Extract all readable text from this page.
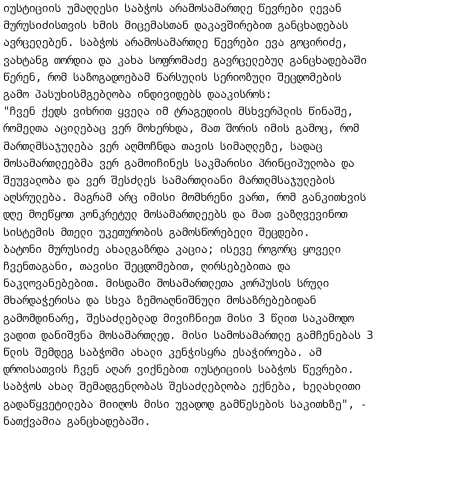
იუსტიციის უმაღლესი საბჭოს არამოსამართლე წევრები ლევან
მურუსიძისთვის ხმის მიცემასთან დაკავშირებით განცხადებას
ავრცელებენ. საბჭოს არამოსამართლე წევრები ევა გოცირიძე,
ვახტანგ თორდია და კახა სოფრომაძე გავრცელებულ განცხადებაში
წერენ, რომ საზოგადოებამ წარსულის სერიოზული შეცდომების
გამო პასუხისმგებლობა ინდივიდებს დააკისროს:
"ჩვენ ქედს ვიხრით ყველა იმ ტრაგედიის მსხვერპლის წინაშე,
რომელთა აცილებაც ვერ მოხერხდა, მათ შორის იმის გამოც, რომ
მართლმსაჯულება ვერ აღმოჩნდა თავის სიმაღლეზე, სადაც
მოსამართლეებმა ვერ გამოიჩინეს საკმარისი პრინციპულობა და
შეუვალობა და ვერ შესძლეს სამართლიანი მართლმსაჯულების
აღსრულება. მაგრამ არც იმისი მომხრენი ვართ, რომ განკითხვის
დღე მოეწყოთ კონკრეტულ მოსამართლეებს და მათ ვაზღვევინოთ
სისტემის მთელი უკეთურობის გამოსწორებელი შეცდები.
ბატონი მურუსიძე ახალგაზრდა კაცია; ისევე როგორც ყოველი
ჩვენთაგანი, თავისი შეცდომებით, ღირსებებითა და
ნაკლოვანებებით. მისდამი მოსამართლეთა კორპუსის სრული
მხარდაჭერისა და სხვა ზემოაღნიშნული მოსაზრებებიდან
გამომდინარე, შესაძლებლად მივიჩნიეთ მისი 3 წლით საკამოდო
ვადით დანიშვნა მოსამართლედ. მისი სამოსამართლე გამჩენებას 3
წლის შემდეგ საბჭომი ახალი კენჭისყრა ესაჭიროება. ამ
დროისათვის ჩვენ აღარ ვიქნებით იუსტიციის საბჭოს წევრები.
საბჭოს ახალ შემადგენლობას შესაძლებლობა ექნება, ხელახლითი
გადაწყვეტილება მიიღოს მისი უვადოდ გამწესების საკითხზე", -
ნათქვამია განცხადებაში.
